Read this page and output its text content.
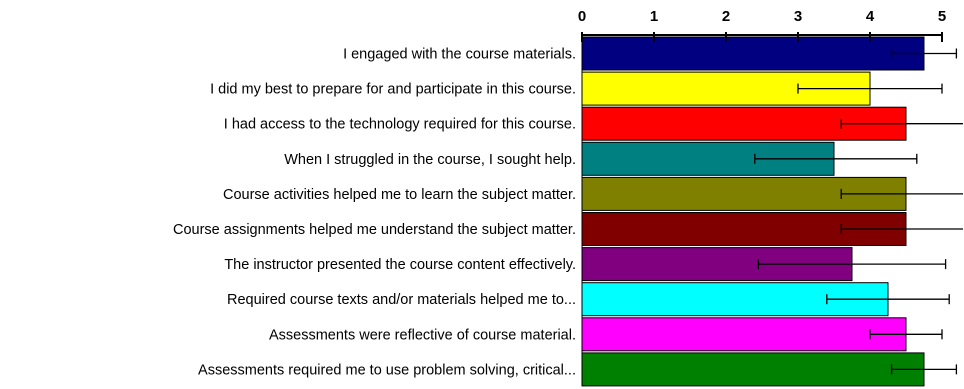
I engaged with the course materials.
I did my best to prepare for and participate in this course.
I had access to the technology required for this course.
When I struggled in the course, I sought help.
Course activities helped me to learn the subject matter.
Course assignments helped me understand the subject matter.
The instructor presented the course content effectively.
Required course texts and/or materials helped me to...
Assessments were reflective of course material.
Assessments required me to use problem solving, critical...
0	1	2	3	4	5
